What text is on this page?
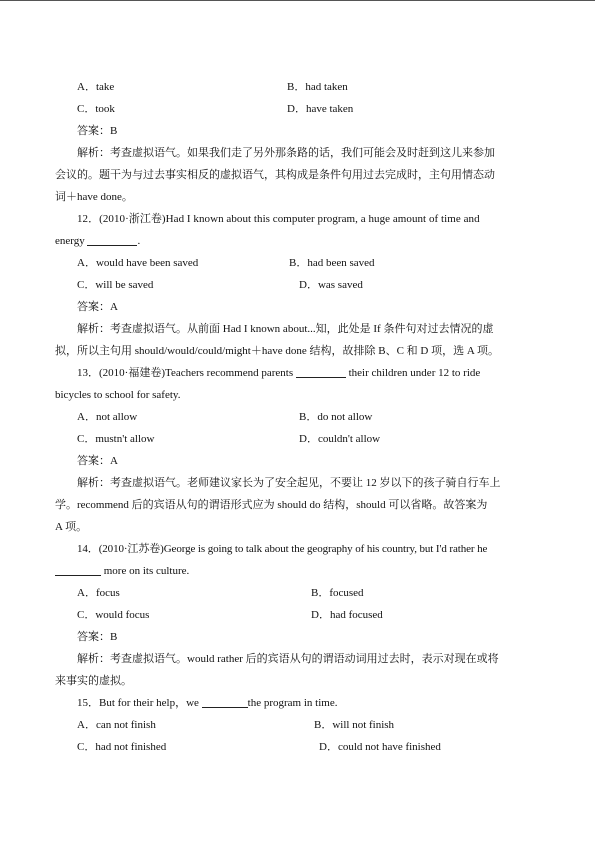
A．take	B．had taken
C．took	D．have taken
答案：B
解析：考查虚拟语气。如果我们走了另外那条路的话，我们可能会及时赶到这儿来参加
会议的。题干为与过去事实相反的虚拟语气，其构成是条件句用过去完成时，主句用情态动
词＋have done。
12．(2010·浙江卷)Had I known about this computer program, a huge amount of time and
energy	.
A．would have been saved	B．had been saved
C．will be saved	D．was saved
答案：A
解析：考查虚拟语气。从前面 Had I known about...知，此处是 If 条件句对过去情况的虚
拟，所以主句用 should/would/could/might＋have done 结构，故排除 B、C 和 D 项，选 A 项。
13．(2010·福建卷)Teachers recommend parents	their children under 12 to ride
bicycles to school for safety.
A．not allow	B．do not allow
C．mustn't allow	D．couldn't allow
答案：A
解析：考查虚拟语气。老师建议家长为了安全起见，不要让 12 岁以下的孩子骑自行车上
学。recommend 后的宾语从句的谓语形式应为 should do 结构，should 可以省略。故答案为
A 项。
14．(2010·江苏卷)George is going to talk about the geography of his country, but I'd rather he
more on its culture.
A．focus	B．focused
C．would focus	D．had focused
答案：B
解析：考查虚拟语气。would rather 后的宾语从句的谓语动词用过去时，表示对现在或将
来事实的虚拟。
15．But for their help，we	the program in time.
A．can not finish	B．will not finish
C．had not finished	D．could not have finished
